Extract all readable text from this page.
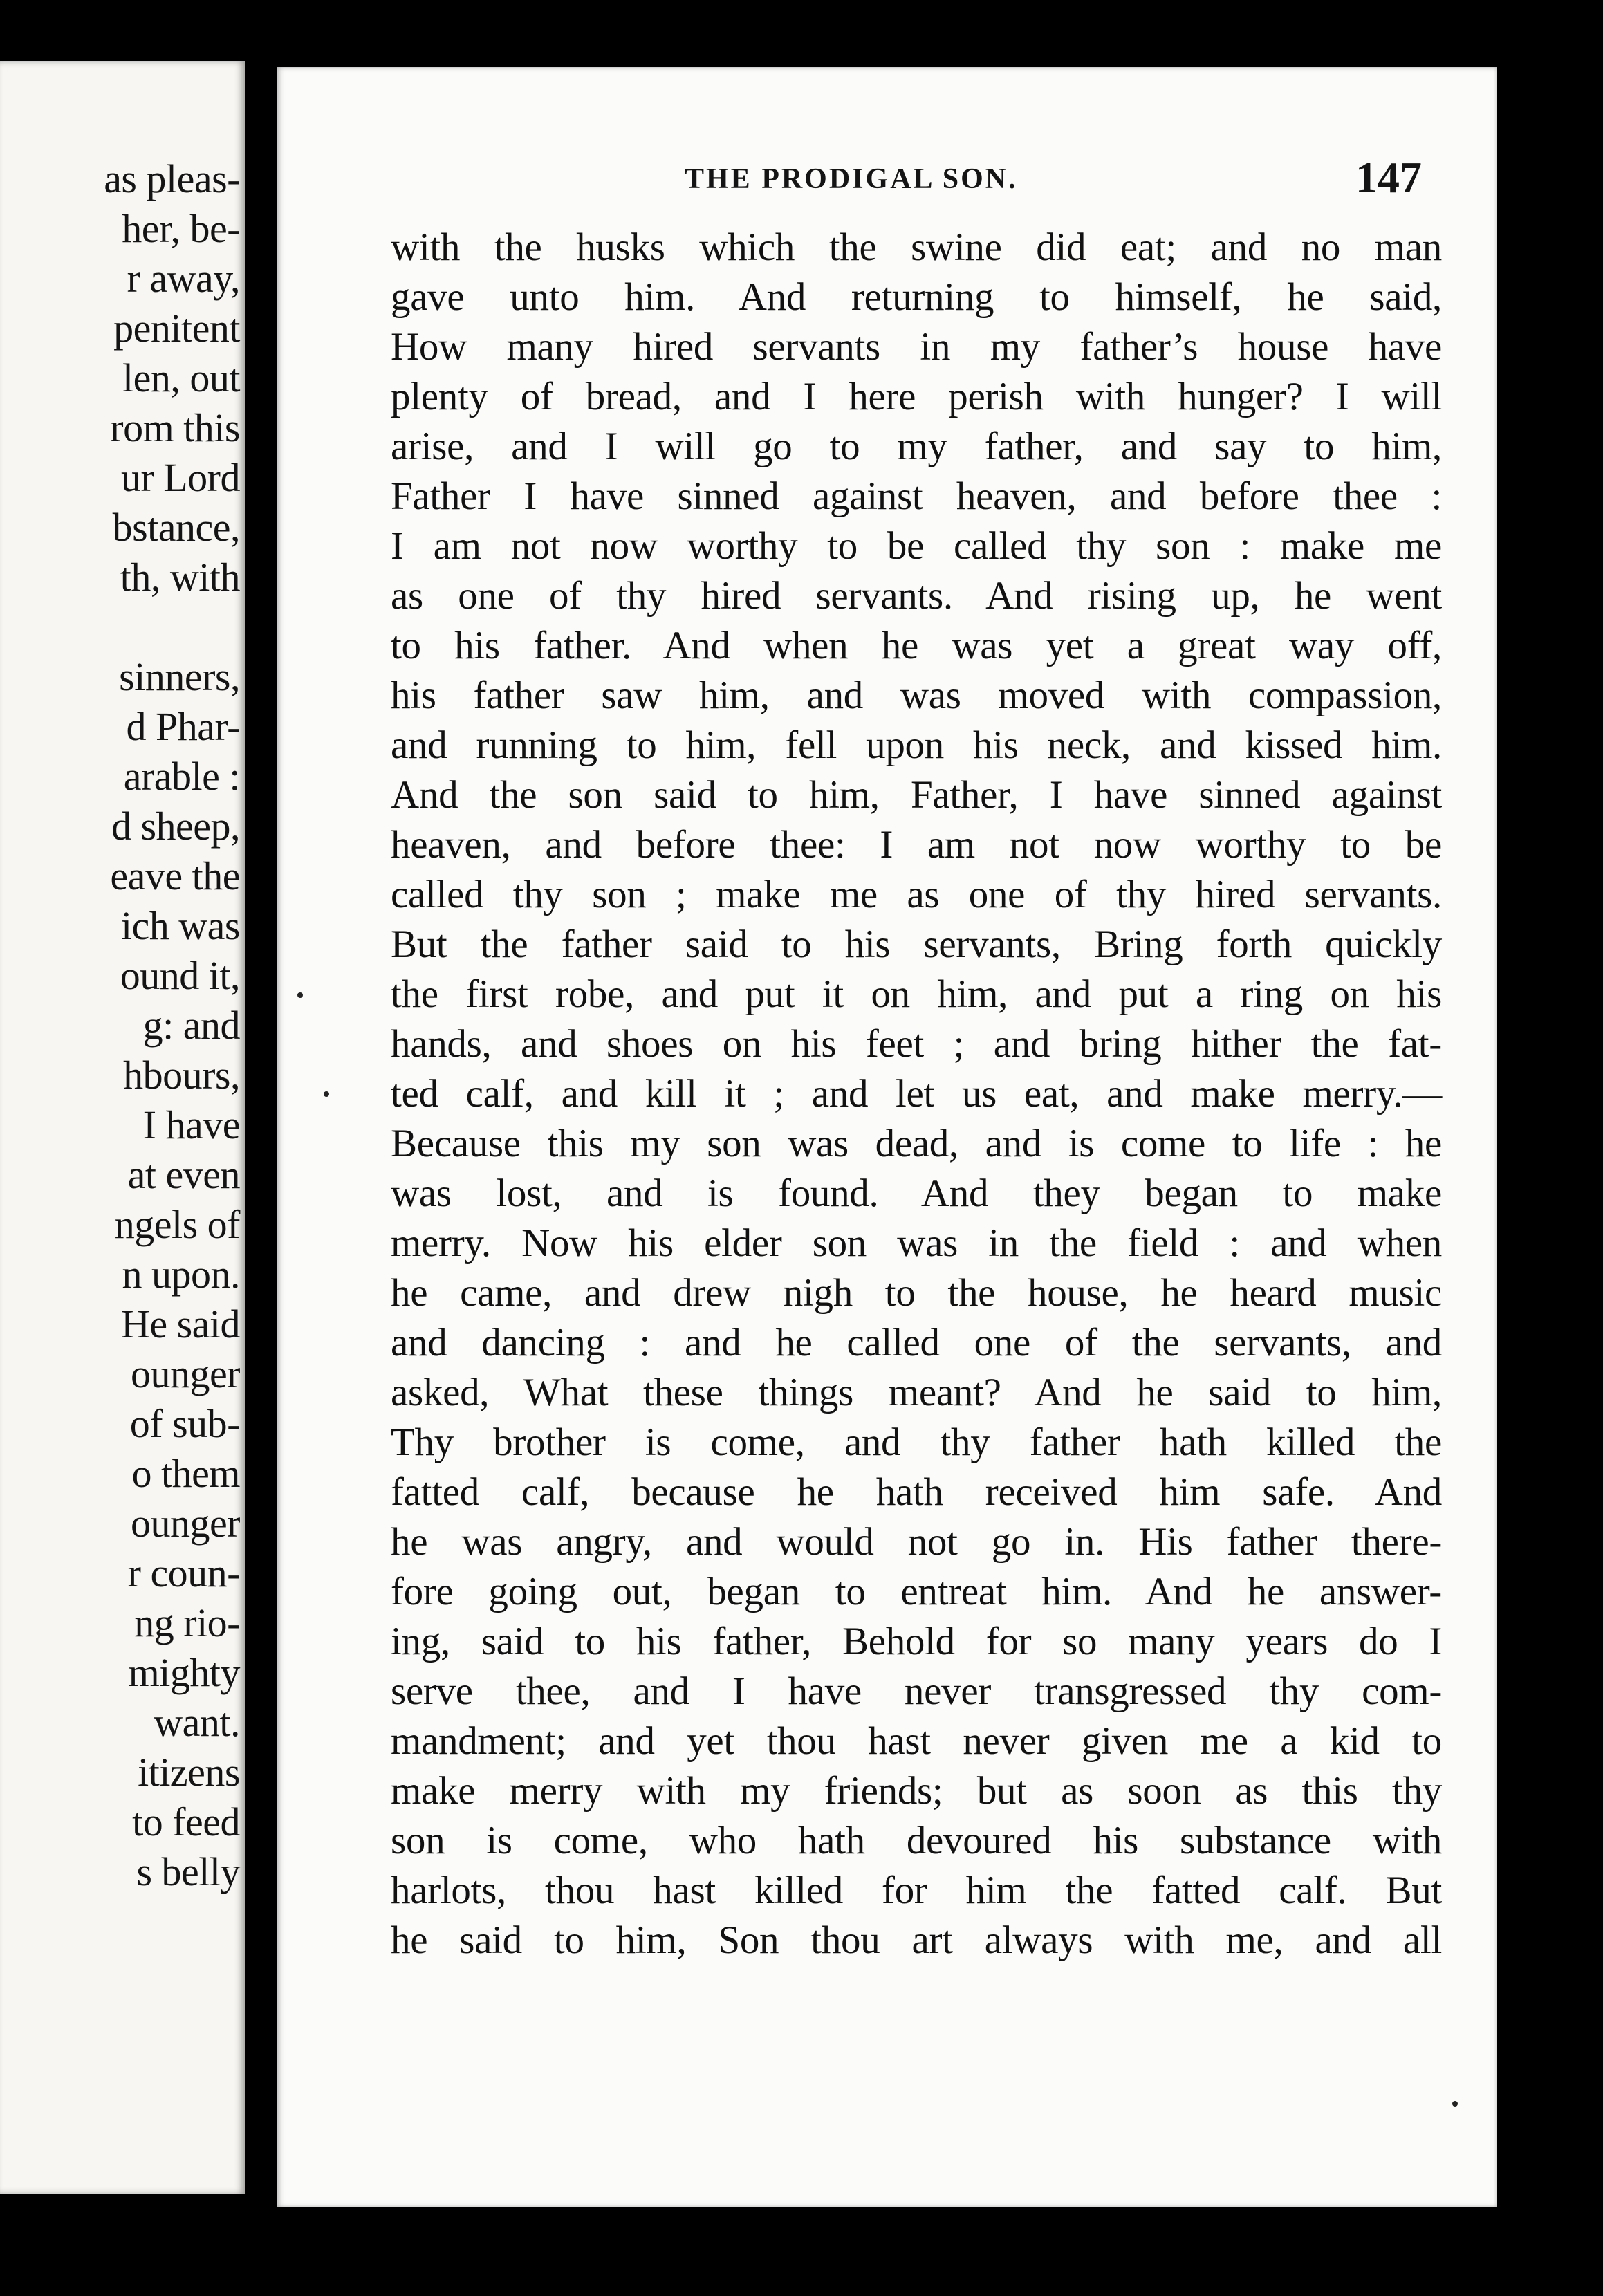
as pleas-
her, be-
r away,
penitent
len, out
rom this
ur Lord
bstance,
th, with
sinners,
d Phar-
arable :
d sheep,
eave the
ich was
ound it,
g: and
hbours,
I have
at even
ngels of
n upon.
He said
ounger
of sub-
o them
ounger
r coun-
ng rio-
mighty
want.
itizens
to feed
s belly
THE PRODIGAL SON.	147
with the husks which the swine did eat; and no man
gave unto him. And returning to himself, he said,
How many hired servants in my father’s house have
plenty of bread, and I here perish with hunger? I will
arise, and I will go to my father, and say to him,
Father I have sinned against heaven, and before thee :
I am not now worthy to be called thy son : make me
as one of thy hired servants. And rising up, he went
to his father. And when he was yet a great way off,
his father saw him, and was moved with compassion,
and running to him, fell upon his neck, and kissed him.
And the son said to him, Father, I have sinned against
heaven, and before thee: I am not now worthy to be
called thy son ; make me as one of thy hired servants.
But the father said to his servants, Bring forth quickly
the first robe, and put it on him, and put a ring on his
hands, and shoes on his feet ; and bring hither the fat-
ted calf, and kill it ; and let us eat, and make merry.—
Because this my son was dead, and is come to life : he
was lost, and is found. And they began to make
merry. Now his elder son was in the field : and when
he came, and drew nigh to the house, he heard music
and dancing : and he called one of the servants, and
asked, What these things meant? And he said to him,
Thy brother is come, and thy father hath killed the
fatted calf, because he hath received him safe. And
he was angry, and would not go in. His father there-
fore going out, began to entreat him. And he answer-
ing, said to his father, Behold for so many years do I
serve thee, and I have never transgressed thy com-
mandment; and yet thou hast never given me a kid to
make merry with my friends; but as soon as this thy
son is come, who hath devoured his substance with
harlots, thou hast killed for him the fatted calf. But
he said to him, Son thou art always with me, and all
